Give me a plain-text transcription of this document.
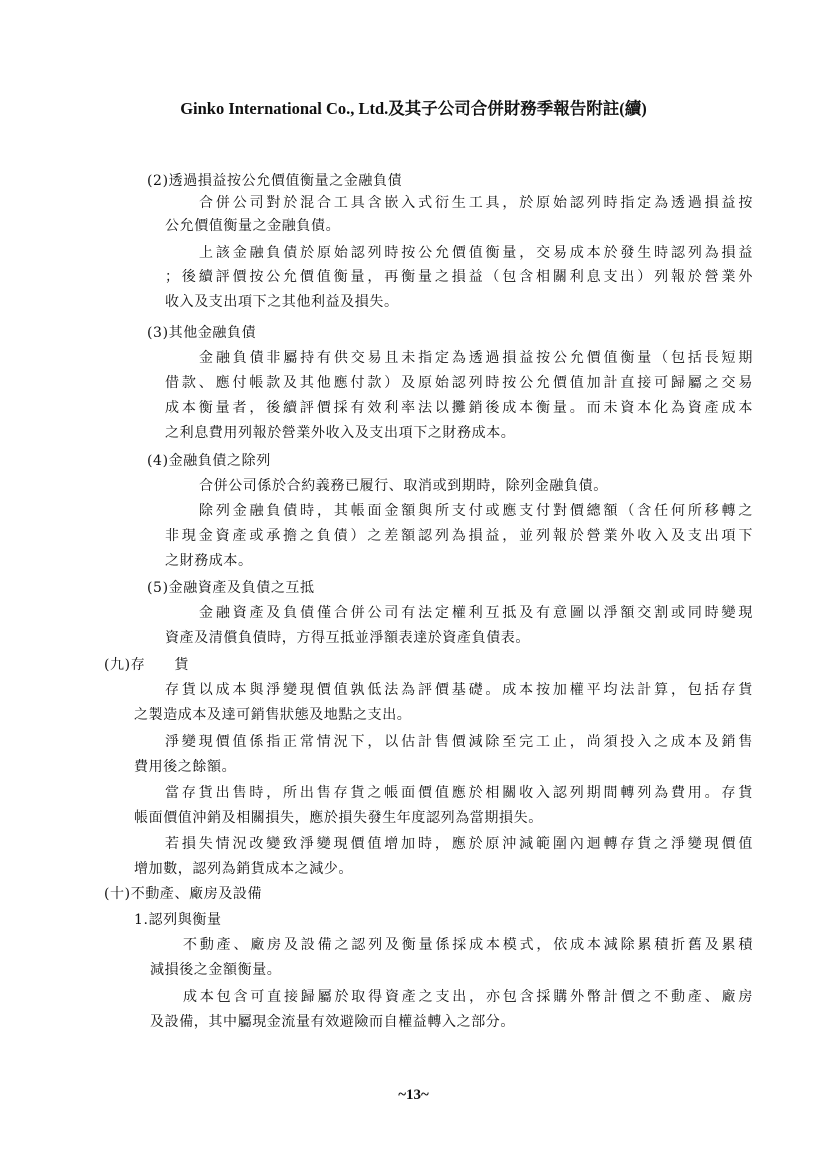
Ginko International Co., Ltd.及其子公司合併財務季報告附註(續)
(2)透過損益按公允價值衡量之金融負債
合併公司對於混合工具含嵌入式衍生工具，於原始認列時指定為透過損益按
公允價值衡量之金融負債。
上該金融負債於原始認列時按公允價值衡量，交易成本於發生時認列為損益
；後續評價按公允價值衡量，再衡量之損益（包含相關利息支出）列報於營業外
收入及支出項下之其他利益及損失。
(3)其他金融負債
金融負債非屬持有供交易且未指定為透過損益按公允價值衡量（包括長短期
借款、應付帳款及其他應付款）及原始認列時按公允價值加計直接可歸屬之交易
成本衡量者，後續評價採有效利率法以攤銷後成本衡量。而未資本化為資產成本
之利息費用列報於營業外收入及支出項下之財務成本。
(4)金融負債之除列
合併公司係於合約義務已履行、取消或到期時，除列金融負債。
除列金融負債時，其帳面金額與所支付或應支付對價總額（含任何所移轉之
非現金資產或承擔之負債）之差額認列為損益，並列報於營業外收入及支出項下
之財務成本。
(5)金融資產及負債之互抵
金融資產及負債僅合併公司有法定權利互抵及有意圖以淨額交割或同時變現
資產及清償負債時，方得互抵並淨額表達於資產負債表。
(九)存　　貨
存貨以成本與淨變現價值孰低法為評價基礎。成本按加權平均法計算，包括存貨
之製造成本及達可銷售狀態及地點之支出。
淨變現價值係指正常情況下，以估計售價減除至完工止，尚須投入之成本及銷售
費用後之餘額。
當存貨出售時，所出售存貨之帳面價值應於相關收入認列期間轉列為費用。存貨
帳面價值沖銷及相關損失，應於損失發生年度認列為當期損失。
若損失情況改變致淨變現價值增加時，應於原沖減範圍內迴轉存貨之淨變現價值
增加數，認列為銷貨成本之減少。
(十)不動產、廠房及設備
1.認列與衡量
不動產、廠房及設備之認列及衡量係採成本模式，依成本減除累積折舊及累積
減損後之金額衡量。
成本包含可直接歸屬於取得資產之支出，亦包含採購外幣計價之不動產、廠房
及設備，其中屬現金流量有效避險而自權益轉入之部分。
~13~
